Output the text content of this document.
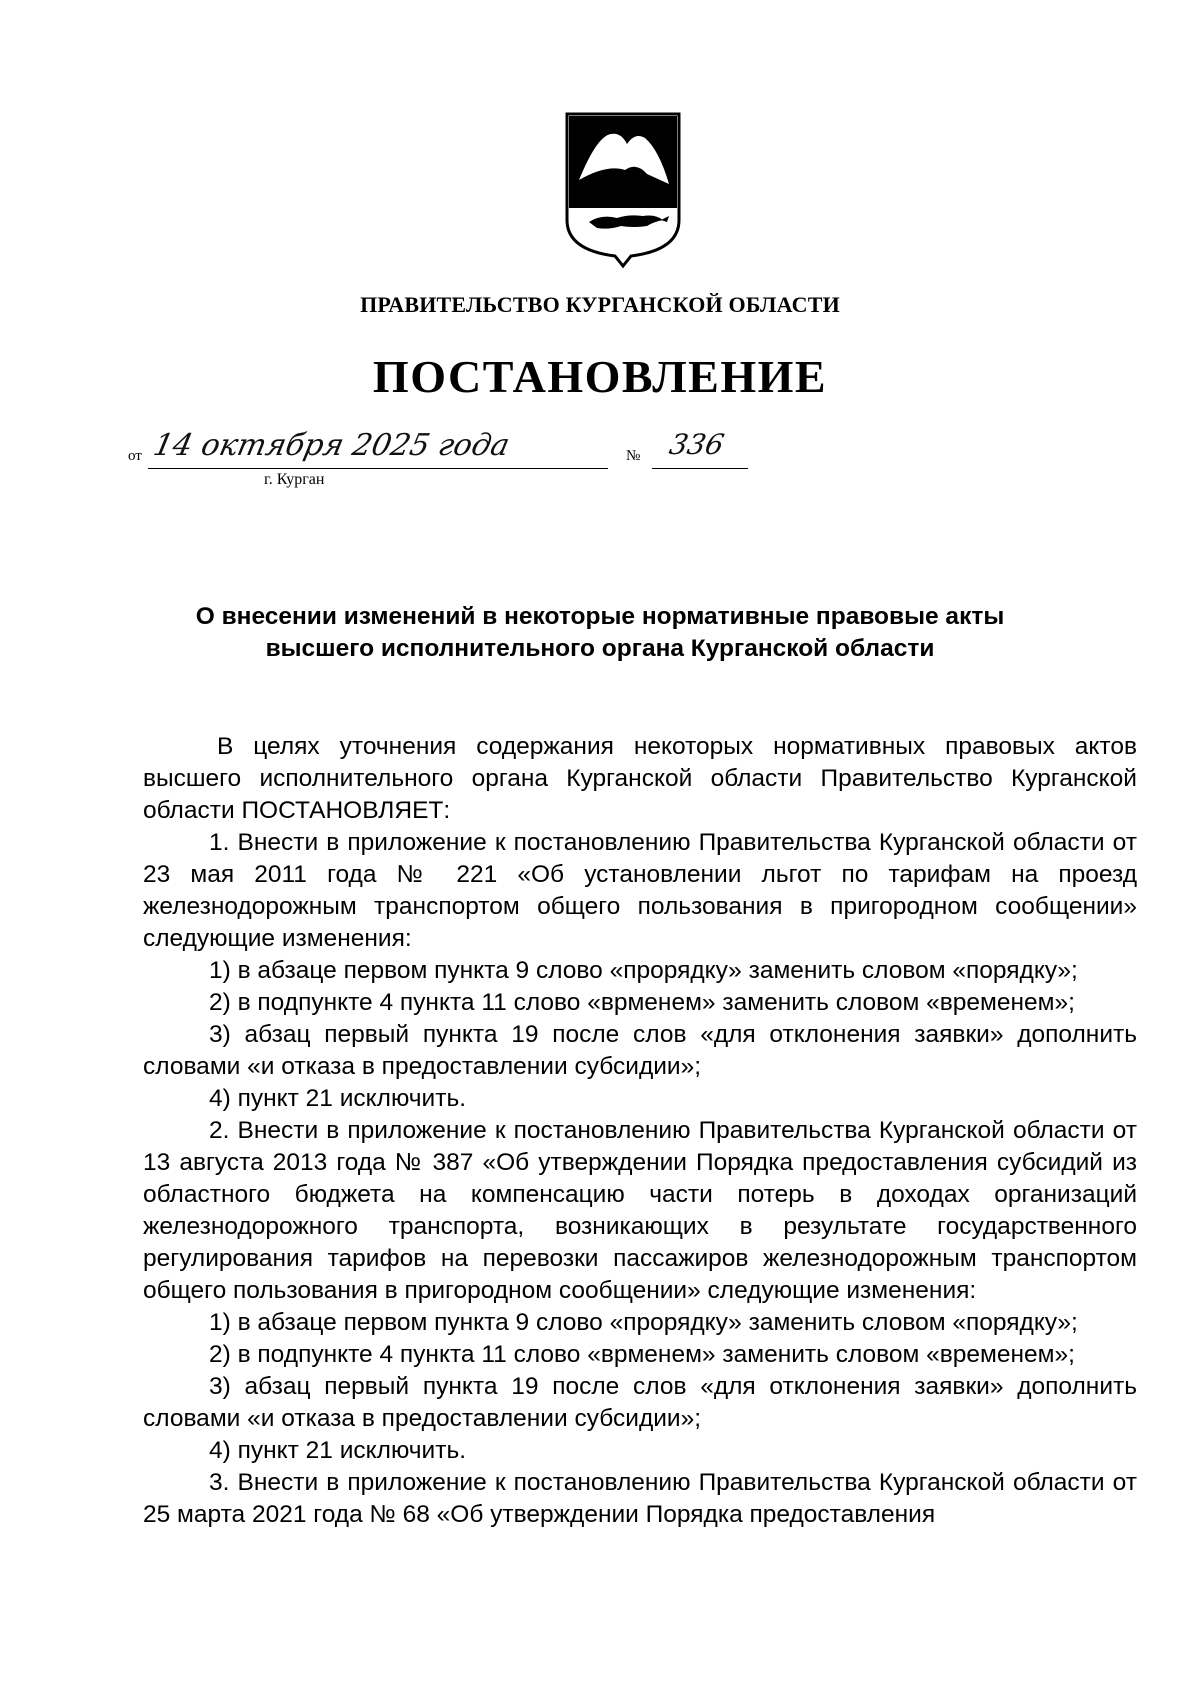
ПРАВИТЕЛЬСТВО КУРГАНСКОЙ ОБЛАСТИ
ПОСТАНОВЛЕНИЕ
от 14 октября 2025 года	№ 336
г. Курган
О внесении изменений в некоторые нормативные правовые акты
высшего исполнительного органа Курганской области

В целях уточнения содержания некоторых нормативных правовых актов высшего исполнительного органа Курганской области Правительство Курганской области ПОСТАНОВЛЯЕТ:

1. Внести в приложение к постановлению Правительства Курганской области от 23 мая 2011 года № 221 «Об установлении льгот по тарифам на проезд железнодорожным транспортом общего пользования в пригородном сообщении» следующие изменения:

1) в абзаце первом пункта 9 слово «прорядку» заменить словом «порядку»;

2) в подпункте 4 пункта 11 слово «врменем» заменить словом «временем»;

3) абзац первый пункта 19 после слов «для отклонения заявки» дополнить словами «и отказа в предоставлении субсидии»;

4) пункт 21 исключить.

2. Внести в приложение к постановлению Правительства Курганской области от 13 августа 2013 года № 387 «Об утверждении Порядка предоставления субсидий из областного бюджета на компенсацию части потерь в доходах организаций железнодорожного транспорта, возникающих в результате государственного регулирования тарифов на перевозки пассажиров железнодорожным транспортом общего пользования в пригородном сообщении» следующие изменения:

1) в абзаце первом пункта 9 слово «прорядку» заменить словом «порядку»;

2) в подпункте 4 пункта 11 слово «врменем» заменить словом «временем»;

3) абзац первый пункта 19 после слов «для отклонения заявки» дополнить словами «и отказа в предоставлении субсидии»;

4) пункт 21 исключить.

3. Внести в приложение к постановлению Правительства Курганской области от 25 марта 2021 года № 68 «Об утверждении Порядка предоставления
